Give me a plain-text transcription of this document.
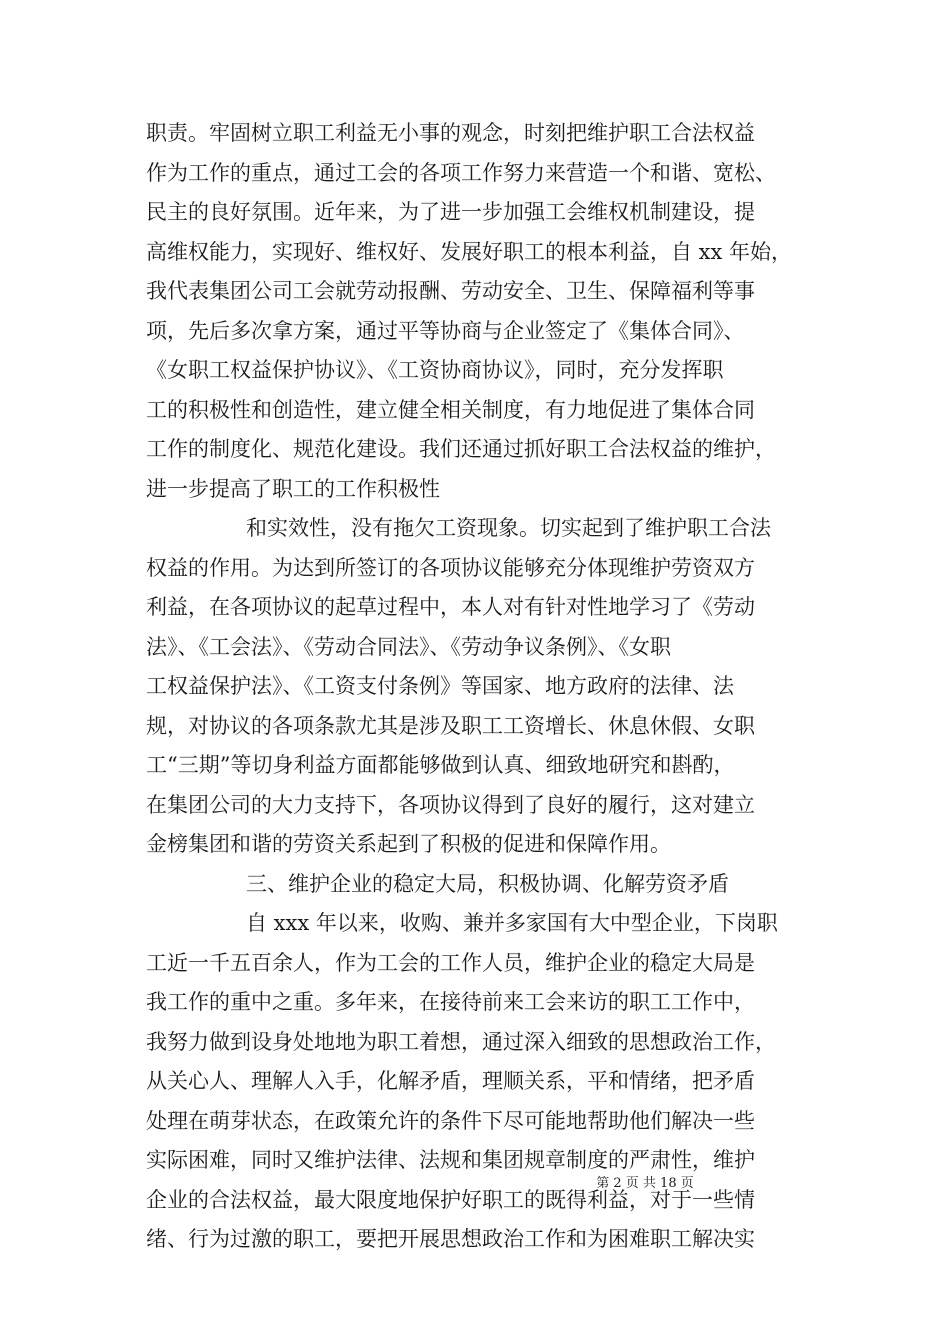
职责。牢固树立职工利益无小事的观念，时刻把维护职工合法权益
作为工作的重点，通过工会的各项工作努力来营造一个和谐、宽松、
民主的良好氛围。近年来，为了进一步加强工会维权机制建设，提
高维权能力，实现好、维权好、发展好职工的根本利益，自 xx 年始，
我代表集团公司工会就劳动报酬、劳动安全、卫生、保障福利等事
项，先后多次拿方案，通过平等协商与企业签定了《集体合同》、
《女职工权益保护协议》、《工资协商协议》，同时，充分发挥职
工的积极性和创造性，建立健全相关制度，有力地促进了集体合同
工作的制度化、规范化建设。我们还通过抓好职工合法权益的维护，
进一步提高了职工的工作积极性
和实效性，没有拖欠工资现象。切实起到了维护职工合法
权益的作用。为达到所签订的各项协议能够充分体现维护劳资双方
利益，在各项协议的起草过程中，本人对有针对性地学习了《劳动
法》、《工会法》、《劳动合同法》、《劳动争议条例》、《女职
工权益保护法》、《工资支付条例》等国家、地方政府的法律、法
规，对协议的各项条款尤其是涉及职工工资增长、休息休假、女职
工“三期”等切身利益方面都能够做到认真、细致地研究和斟酌，
在集团公司的大力支持下，各项协议得到了良好的履行，这对建立
金榜集团和谐的劳资关系起到了积极的促进和保障作用。
三、维护企业的稳定大局，积极协调、化解劳资矛盾
自 xxx 年以来，收购、兼并多家国有大中型企业，下岗职
工近一千五百余人，作为工会的工作人员，维护企业的稳定大局是
我工作的重中之重。多年来，在接待前来工会来访的职工工作中，
我努力做到设身处地地为职工着想，通过深入细致的思想政治工作，
从关心人、理解人入手，化解矛盾，理顺关系，平和情绪，把矛盾
处理在萌芽状态，在政策允许的条件下尽可能地帮助他们解决一些
实际困难，同时又维护法律、法规和集团规章制度的严肃性，维护
企业的合法权益，最大限度地保护好职工的既得利益，对于一些情
绪、行为过激的职工，要把开展思想政治工作和为困难职工解决实
第 2 页 共 18 页
